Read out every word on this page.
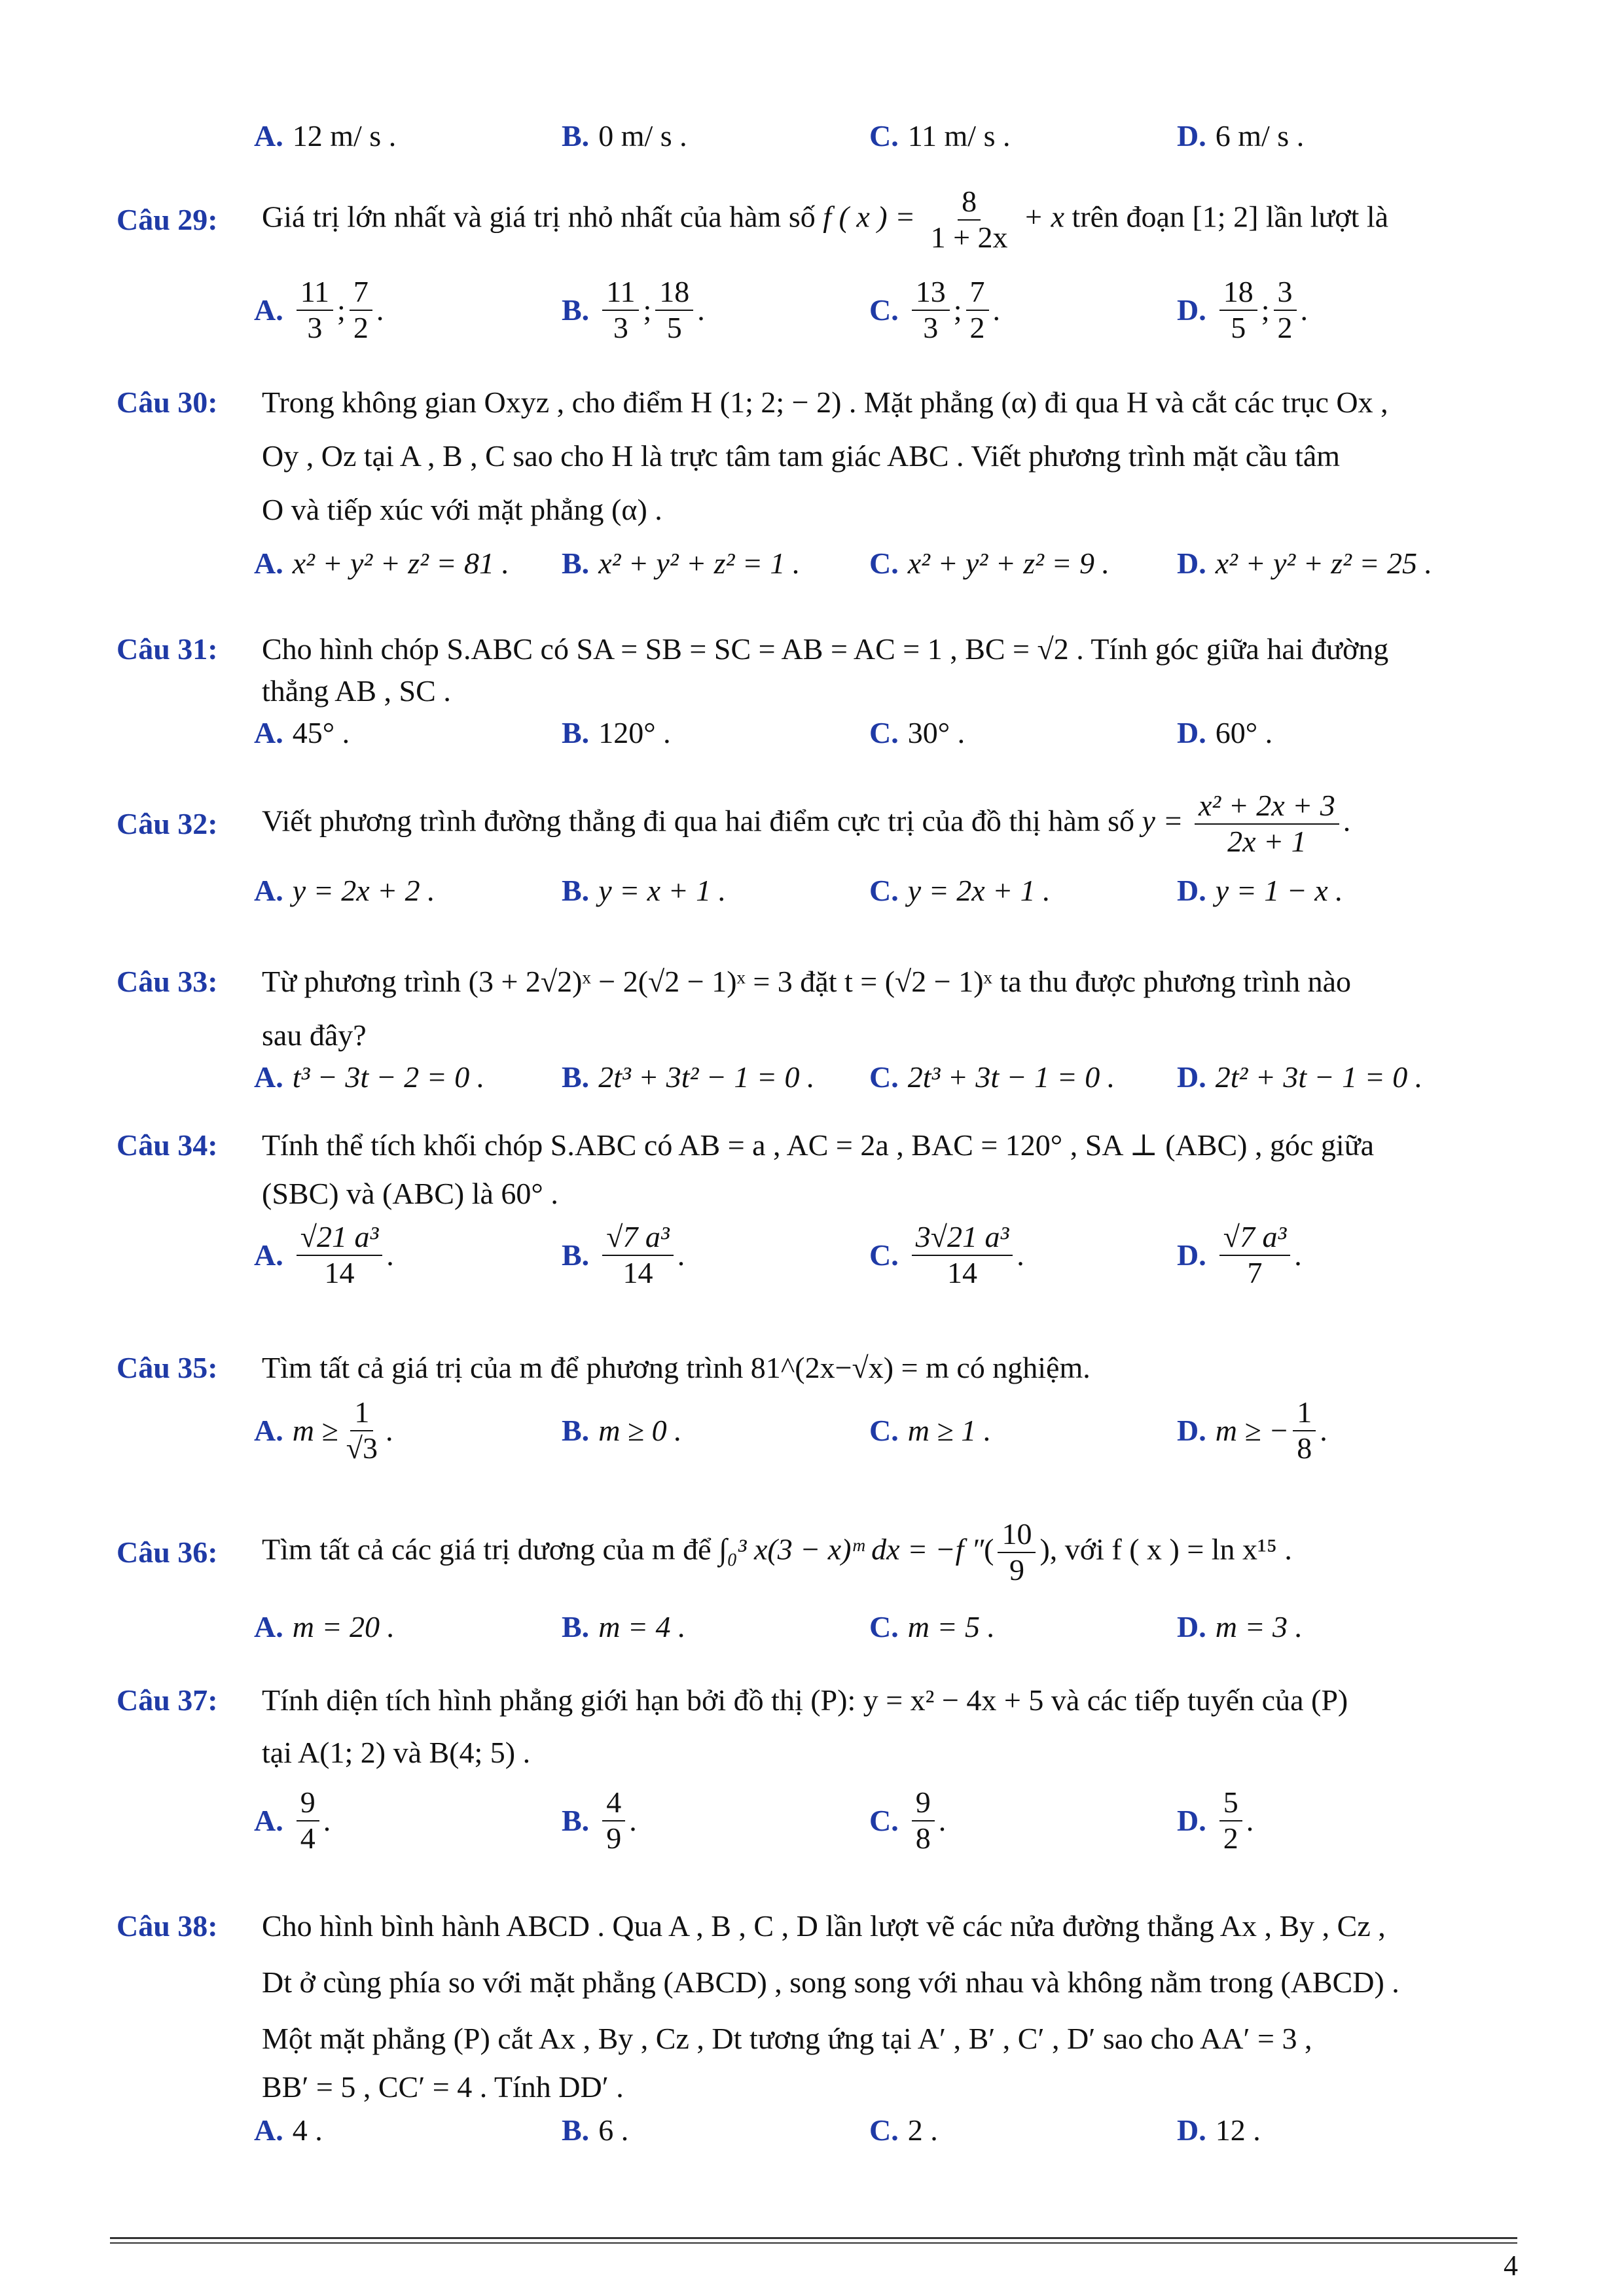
A. 12 m/ s .	B. 0 m/ s .	C. 11 m/ s .	D. 6 m/ s .
Câu 29:	Giá trị lớn nhất và giá trị nhỏ nhất của hàm số f ( x ) = $\frac{8}{1 + 2x} + x$ trên đoạn [1; 2] lần lượt là
A. $\frac{11}{3}$ ; $\frac{7}{2}$ .	B. $\frac{11}{3}$ ; $\frac{18}{5}$ .	C. $\frac{13}{3}$ ; $\frac{7}{2}$ .	D. $\frac{18}{5}$ ; $\frac{3}{2}$ .
Câu 30:	Trong không gian Oxyz , cho điểm H (1; 2; − 2) . Mặt phẳng (α) đi qua H và cắt các trục Ox ,
Oy , Oz tại A , B , C sao cho H là trực tâm tam giác ABC . Viết phương trình mặt cầu tâm
O và tiếp xúc với mặt phẳng (α) .
A. x² + y² + z² = 81 . B. x² + y² + z² = 1 . C. x² + y² + z² = 9 . D. x² + y² + z² = 25 .
Câu 31:	Cho hình chóp S.ABC có SA = SB = SC = AB = AC = 1 , BC = √2 . Tính góc giữa hai đường
thẳng AB , SC .
A. 45° .	B. 120° .	C. 30° .	D. 60° .
Câu 32:	Viết phương trình đường thẳng đi qua hai điểm cực trị của đồ thị hàm số $y = \frac{\text{x² + 2x + 3}}{2x + 1}$ .
A. y = 2x + 2 .	B. y = x + 1 .	C. y = 2x + 1 .	D. y = 1 − x .
Câu 33:	Từ phương trình (3 + 2√2)ˣ − 2(√2 − 1)ˣ = 3 đặt t = (√2 − 1)ˣ ta thu được phương trình nào
sau đây?
A. t³ − 3t − 2 = 0 .	B. 2t³ + 3t² − 1 = 0 . C. 2t³ + 3t − 1 = 0 . D. 2t² + 3t − 1 = 0 .
Câu 34:	Tính thể tích khối chóp S.ABC có AB = a , AC = 2a , BAC = 120° , SA ⊥ (ABC) , góc giữa
(SBC) và (ABC) là 60° .
A. $\frac{\text{√21 a³}}{14}$ .	B. $\frac{\text{√7 a³}}{14}$ .	C. $\frac{\text{3√21 a³}}{14}$ .	D. $\frac{\text{√7 a³}}{7}$ .
Câu 35:	Tìm tất cả giá trị của m để phương trình 81^(2x−√x) = m có nghiệm.
A. $m \ge \frac{1}{√3}$ .	B. m ≥ 0 .	C. m ≥ 1 .	D. m ≥ − $\frac{1}{8}$ .
Câu 36:	Tìm tất cả các giá trị dương của m để ∫₀³ x(3 − x)ᵐ dx = −f ″( $\frac{10}{9}$ ), với f ( x ) = ln x¹⁵ .
A. m = 20 .	B. m = 4 .	C. m = 5 .	D. m = 3 .
Câu 37:	Tính diện tích hình phẳng giới hạn bởi đồ thị (P): y = x² − 4x + 5 và các tiếp tuyến của (P)
tại A(1; 2) và B(4; 5) .
A. $\frac{9}{4}$ .	B. $\frac{4}{9}$ .	C. $\frac{9}{8}$ .	D. $\frac{5}{2}$ .
Câu 38:	Cho hình bình hành ABCD . Qua A , B , C , D lần lượt vẽ các nửa đường thẳng Ax , By , Cz ,
Dt ở cùng phía so với mặt phẳng (ABCD) , song song với nhau và không nằm trong (ABCD) .
Một mặt phẳng (P) cắt Ax , By , Cz , Dt tương ứng tại A′ , B′ , C′ , D′ sao cho AA′ = 3 ,
BB′ = 5 , CC′ = 4 . Tính DD′ .
A. 4 .	B. 6 .	C. 2 .	D. 12 .
4
